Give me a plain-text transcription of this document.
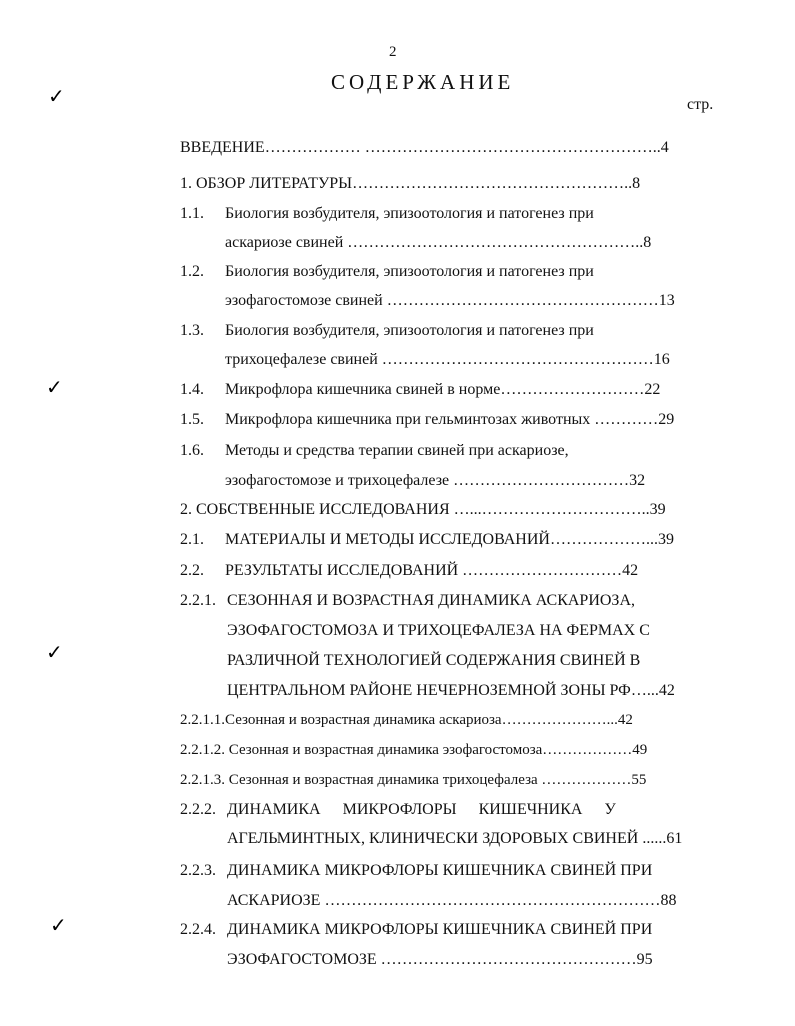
2
СОДЕРЖАНИЕ
стр.
✓
✓
✓
✓
ВВЕДЕНИЕ……………… ………………………………………………..4
1. ОБЗОР ЛИТЕРАТУРЫ……………………………………………..8
1.1. Биология возбудителя, эпизоотология и патогенез при
аскариозе свиней ………………………………………………..8
1.2. Биология возбудителя, эпизоотология и патогенез при
эзофагостомозе свиней ……………………………………………13
1.3. Биология возбудителя, эпизоотология и патогенез при
трихоцефалезе свиней ……………………………………………16
1.4. Микрофлора кишечника свиней в норме………………………22
1.5. Микрофлора кишечника при гельминтозах животных …………29
1.6. Методы и средства терапии свиней при аскариозе,
эзофагостомозе и трихоцефалезе ……………………………32
2. СОБСТВЕННЫЕ ИССЛЕДОВАНИЯ …...…………………………..39
2.1. МАТЕРИАЛЫ И МЕТОДЫ ИССЛЕДОВАНИЙ………………...39
2.2. РЕЗУЛЬТАТЫ ИССЛЕДОВАНИЙ …………………………42
2.2.1. СЕЗОННАЯ И ВОЗРАСТНАЯ ДИНАМИКА АСКАРИОЗА,
ЭЗОФАГОСТОМОЗА И ТРИХОЦЕФАЛЕЗА НА ФЕРМАХ С
РАЗЛИЧНОЙ ТЕХНОЛОГИЕЙ СОДЕРЖАНИЯ СВИНЕЙ В
ЦЕНТРАЛЬНОМ РАЙОНЕ НЕЧЕРНОЗЕМНОЙ ЗОНЫ РФ…...42
2.2.1.1.Сезонная и возрастная динамика аскариоза…………………...42
2.2.1.2. Сезонная и возрастная динамика эзофагостомоза………………49
2.2.1.3. Сезонная и возрастная динамика трихоцефалеза ………………55
2.2.2. ДИНАМИКА МИКРОФЛОРЫ КИШЕЧНИКА У
АГЕЛЬМИНТНЫХ, КЛИНИЧЕСКИ ЗДОРОВЫХ СВИНЕЙ ......61
2.2.3. ДИНАМИКА МИКРОФЛОРЫ КИШЕЧНИКА СВИНЕЙ ПРИ
АСКАРИОЗЕ ………………………………………………………88
2.2.4. ДИНАМИКА МИКРОФЛОРЫ КИШЕЧНИКА СВИНЕЙ ПРИ
ЭЗОФАГОСТОМОЗЕ …………………………………………95
